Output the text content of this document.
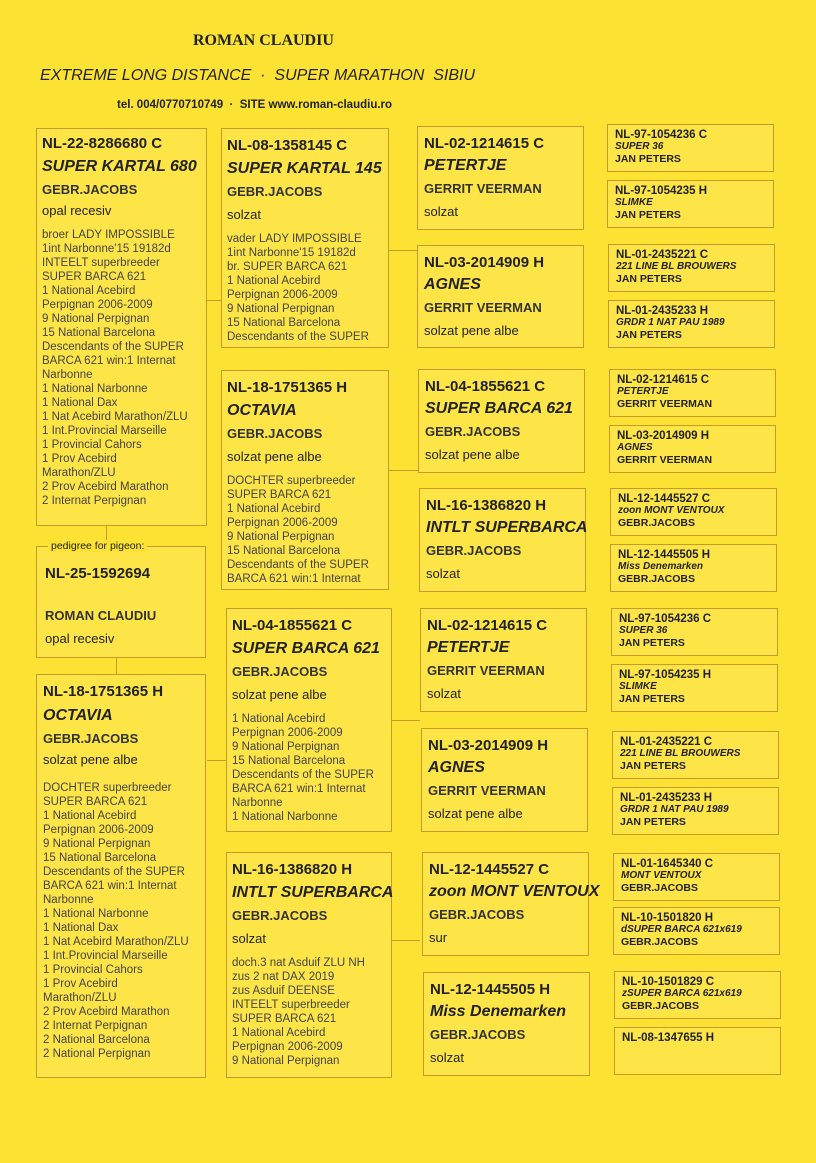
ROMAN CLAUDIU
EXTREME LONG DISTANCE  ·  SUPER MARATHON  SIBIU
tel. 004/0770710749  ·  SITE www.roman-claudiu.ro
NL-22-8286680 C
SUPER KARTAL 680
GEBR.JACOBS
opal recesiv
broer LADY IMPOSSIBLE
1int Narbonne'15 19182d
INTEELT superbreeder
SUPER BARCA 621
1 National Acebird
Perpignan 2006-2009
9 National Perpignan
15 National Barcelona
Descendants of the SUPER
BARCA 621 win:1 Internat
Narbonne
1 National Narbonne
1 National Dax
1 Nat Acebird Marathon/ZLU
1 Int.Provincial Marseille
1 Provincial Cahors
1 Prov Acebird
Marathon/ZLU
2 Prov Acebird Marathon
2 Internat Perpignan
pedigree for pigeon:
NL-25-1592694
ROMAN CLAUDIU
opal recesiv
NL-18-1751365 H
OCTAVIA
GEBR.JACOBS
solzat pene albe
DOCHTER superbreeder
SUPER BARCA 621
1 National Acebird
Perpignan 2006-2009
9 National Perpignan
15 National Barcelona
Descendants of the SUPER
BARCA 621 win:1 Internat
Narbonne
1 National Narbonne
1 National Dax
1 Nat Acebird Marathon/ZLU
1 Int.Provincial Marseille
1 Provincial Cahors
1 Prov Acebird
Marathon/ZLU
2 Prov Acebird Marathon
2 Internat Perpignan
2 National Barcelona
2 National Perpignan
NL-08-1358145 C
SUPER KARTAL 145
GEBR.JACOBS
solzat
vader LADY IMPOSSIBLE
1int Narbonne'15 19182d
br. SUPER BARCA 621
1 National Acebird
Perpignan 2006-2009
9 National Perpignan
15 National Barcelona
Descendants of the SUPER
NL-18-1751365 H
OCTAVIA
GEBR.JACOBS
solzat pene albe
DOCHTER superbreeder
SUPER BARCA 621
1 National Acebird
Perpignan 2006-2009
9 National Perpignan
15 National Barcelona
Descendants of the SUPER
BARCA 621 win:1 Internat
NL-04-1855621 C
SUPER BARCA 621
GEBR.JACOBS
solzat pene albe
1 National Acebird
Perpignan 2006-2009
9 National Perpignan
15 National Barcelona
Descendants of the SUPER
BARCA 621 win:1 Internat
Narbonne
1 National Narbonne
NL-16-1386820 H
INTLT SUPERBARCA
GEBR.JACOBS
solzat
doch.3 nat Asduif ZLU NH
zus 2 nat DAX 2019
zus Asduif DEENSE
INTEELT superbreeder
SUPER BARCA 621
1 National Acebird
Perpignan 2006-2009
9 National Perpignan
NL-02-1214615 C
PETERTJE
GERRIT VEERMAN
solzat
NL-03-2014909 H
AGNES
GERRIT VEERMAN
solzat pene albe
NL-04-1855621 C
SUPER BARCA 621
GEBR.JACOBS
solzat pene albe
NL-16-1386820 H
INTLT SUPERBARCA
GEBR.JACOBS
solzat
NL-02-1214615 C
PETERTJE
GERRIT VEERMAN
solzat
NL-03-2014909 H
AGNES
GERRIT VEERMAN
solzat pene albe
NL-12-1445527 C
zoon MONT VENTOUX
GEBR.JACOBS
sur
NL-12-1445505 H
Miss Denemarken
GEBR.JACOBS
solzat
NL-97-1054236 C
SUPER 36
JAN PETERS
NL-97-1054235 H
SLIMKE
JAN PETERS
NL-01-2435221 C
221 LINE BL BROUWERS
JAN PETERS
NL-01-2435233 H
GRDR 1 NAT PAU 1989
JAN PETERS
NL-02-1214615 C
PETERTJE
GERRIT VEERMAN
NL-03-2014909 H
AGNES
GERRIT VEERMAN
NL-12-1445527 C
zoon MONT VENTOUX
GEBR.JACOBS
NL-12-1445505 H
Miss Denemarken
GEBR.JACOBS
NL-97-1054236 C
SUPER 36
JAN PETERS
NL-97-1054235 H
SLIMKE
JAN PETERS
NL-01-2435221 C
221 LINE BL BROUWERS
JAN PETERS
NL-01-2435233 H
GRDR 1 NAT PAU 1989
JAN PETERS
NL-01-1645340 C
MONT VENTOUX
GEBR.JACOBS
NL-10-1501820 H
dSUPER BARCA 621x619
GEBR.JACOBS
NL-10-1501829 C
zSUPER BARCA 621x619
GEBR.JACOBS
NL-08-1347655 H
